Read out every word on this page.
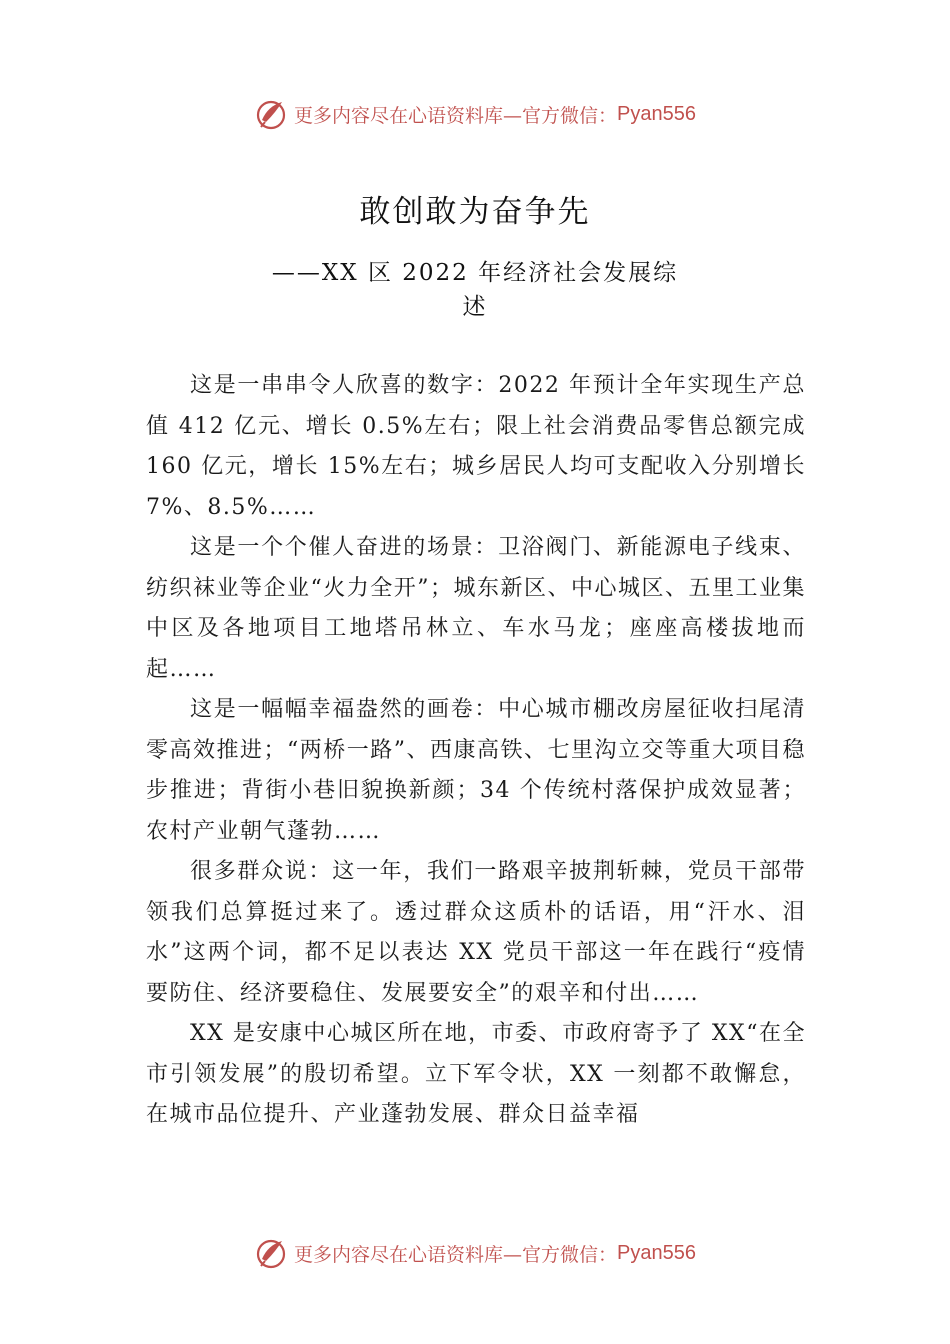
更多内容尽在心语资料库—官方微信： Pyan556
敢创敢为奋争先
——XX 区 2022 年经济社会发展综
述

这是一串串令人欣喜的数字：2022 年预计全年实现生产总值 412 亿元、增长 0.5%左右；限上社会消费品零售总额完成 160 亿元，增长 15%左右；城乡居民人均可支配收入分别增长 7%、8.5%……

这是一个个催人奋进的场景：卫浴阀门、新能源电子线束、纺织袜业等企业“火力全开”；城东新区、中心城区、五里工业集中区及各地项目工地塔吊林立、车水马龙；座座高楼拔地而起……

这是一幅幅幸福盎然的画卷：中心城市棚改房屋征收扫尾清零高效推进；“两桥一路”、西康高铁、七里沟立交等重大项目稳步推进；背街小巷旧貌换新颜；34 个传统村落保护成效显著；农村产业朝气蓬勃……

很多群众说：这一年，我们一路艰辛披荆斩棘，党员干部带领我们总算挺过来了。透过群众这质朴的话语，用“汗水、泪水”这两个词，都不足以表达 XX 党员干部这一年在践行“疫情要防住、经济要稳住、发展要安全”的艰辛和付出……

XX 是安康中心城区所在地，市委、市政府寄予了 XX“在全市引领发展”的殷切希望。立下军令状，XX 一刻都不敢懈怠，在城市品位提升、产业蓬勃发展、群众日益幸福

更多内容尽在心语资料库—官方微信： Pyan556
